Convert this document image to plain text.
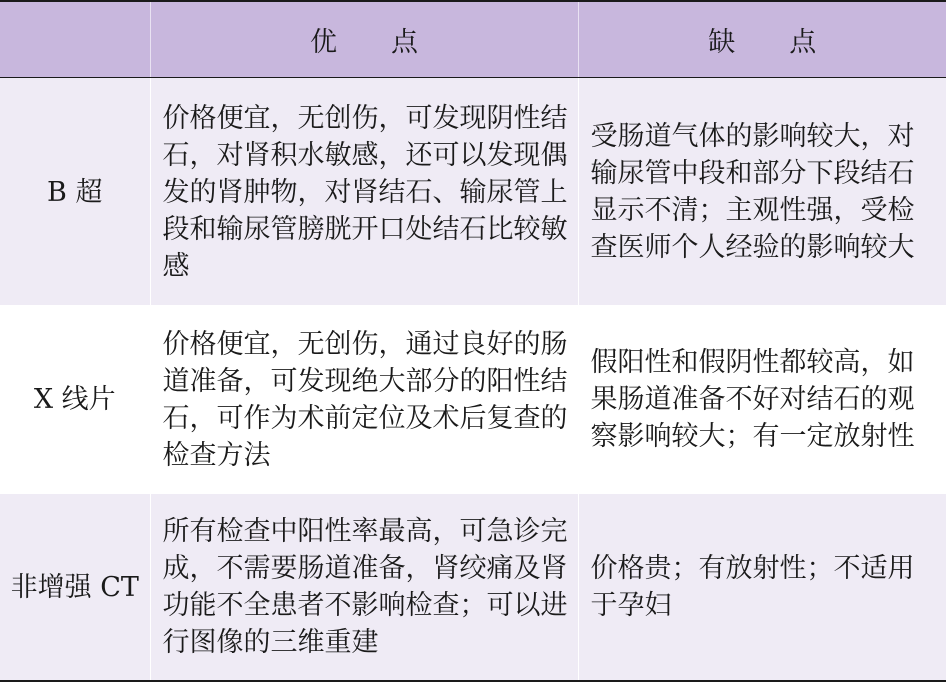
	优　　点	缺　　点
B 超	价格便宜，无创伤，可发现阴性结石，对肾积水敏感，还可以发现偶发的肾肿物，对肾结石、输尿管上段和输尿管膀胱开口处结石比较敏感	受肠道气体的影响较大，对输尿管中段和部分下段结石显示不清；主观性强，受检查医师个人经验的影响较大
X 线片	价格便宜，无创伤，通过良好的肠道准备，可发现绝大部分的阳性结石，可作为术前定位及术后复查的检查方法	假阳性和假阴性都较高，如果肠道准备不好对结石的观察影响较大；有一定放射性
非增强 CT	所有检查中阳性率最高，可急诊完成，不需要肠道准备，肾绞痛及肾功能不全患者不影响检查；可以进行图像的三维重建	价格贵；有放射性；不适用于孕妇
